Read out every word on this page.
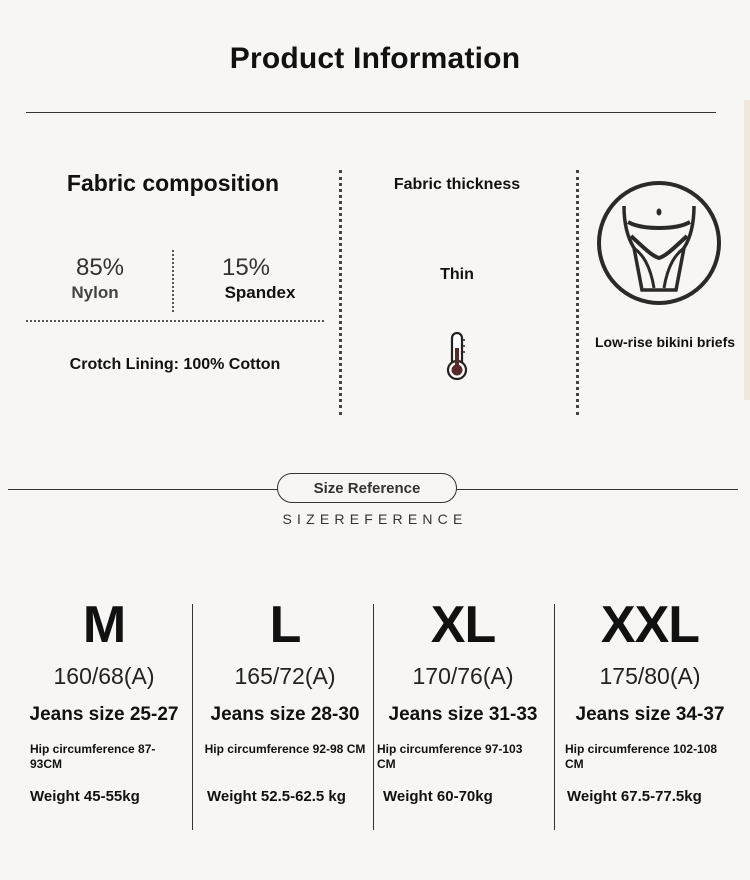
Product Information
Fabric composition
85%
Nylon
15%
Spandex
Crotch Lining: 100% Cotton
Fabric thickness
Thin
Low-rise bikini briefs
Size Reference
SIZEREFERENCE
M
160/68(A)
Jeans size 25-27
Hip circumference 87-93CM
Weight 45-55kg
L
165/72(A)
Jeans size 28-30
Hip circumference 92-98 CM
Weight 52.5-62.5 kg
XL
170/76(A)
Jeans size 31-33
Hip circumference 97-103 CM
Weight 60-70kg
XXL
175/80(A)
Jeans size 34-37
Hip circumference 102-108 CM
Weight 67.5-77.5kg
